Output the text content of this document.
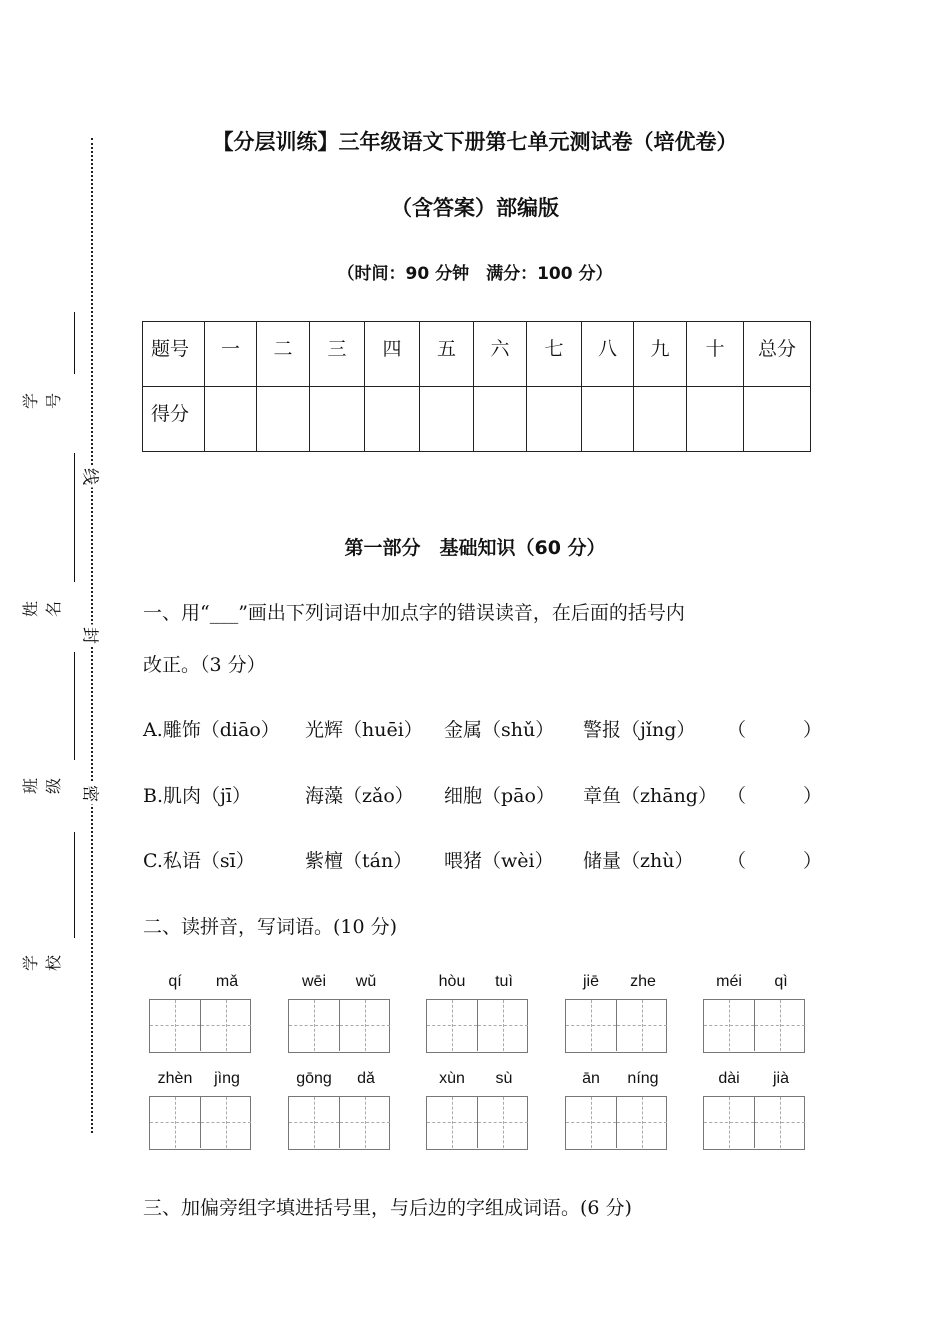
【分层训练】三年级语文下册第七单元测试卷（培优卷）
（含答案）部编版
（时间：90 分钟　满分：100 分）
线
封
密
学号
姓名
班级
学校
题号	一	二	三	四	五	六	七	八	九	十	总分
得分											
第一部分　基础知识（60 分）
一、用“___”画出下列词语中加点字的错误读音，在后面的括号内
改正。（3 分）
A.雕饰（diāo） 光辉（huēi） 金属（shǔ） 警报（jǐng） （　　　）
B.肌肉（jī）	海藻（zǎo） 细胞（pāo） 章鱼（zhāng） （　　　）
C.私语（sī）	紫檀（tán） 喂猪（wèi） 储量（zhù） （　　　）
二、读拼音，写词语。(10 分)
qí	mǎ	wēi	wǔ	hòu	tuì	jiē	zhe	méi	qì
zhèn	jìng	gōng	dǎ	xùn	sù	ān	níng	dài	jià
三、加偏旁组字填进括号里，与后边的字组成词语。(6 分)
